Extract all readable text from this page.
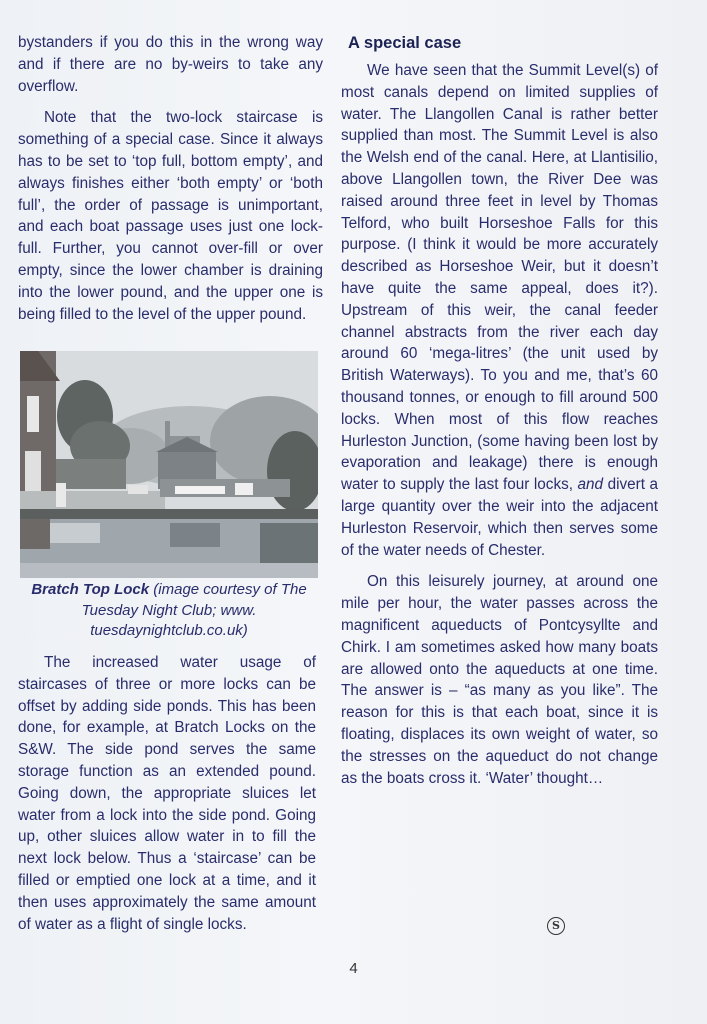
bystanders if you do this in the wrong way and if there are no by-weirs to take any overflow.

Note that the two-lock staircase is something of a special case. Since it always has to be set to ‘top full, bottom empty’, and always finishes either ‘both empty’ or ‘both full’, the order of passage is unimportant, and each boat passage uses just one lock-full. Further, you cannot over-fill or over empty, since the lower chamber is draining into the lower pound, and the upper one is being filled to the level of the upper pound.

Bratch Top Lock (image courtesy of The Tuesday Night Club; www. tuesdaynightclub.co.uk)

The increased water usage of staircases of three or more locks can be offset by adding side ponds. This has been done, for example, at Bratch Locks on the S&W. The side pond serves the same storage function as an extended pound. Going down, the appropriate sluices let water from a lock into the side pond. Going up, other sluices allow water in to fill the next lock below. Thus a ‘staircase’ can be filled or emptied one lock at a time, and it then uses approximately the same amount of water as a flight of single locks.

A special case

We have seen that the Summit Level(s) of most canals depend on limited supplies of water. The Llangollen Canal is rather better supplied than most. The Summit Level is also the Welsh end of the canal. Here, at Llantisilio, above Llangollen town, the River Dee was raised around three feet in level by Thomas Telford, who built Horseshoe Falls for this purpose. (I think it would be more accurately described as Horseshoe Weir, but it doesn’t have quite the same appeal, does it?). Upstream of this weir, the canal feeder channel abstracts from the river each day around 60 ‘mega-litres’ (the unit used by British Waterways). To you and me, that’s 60 thousand tonnes, or enough to fill around 500 locks. When most of this flow reaches Hurleston Junction, (some having been lost by evaporation and leakage) there is enough water to supply the last four locks, and divert a large quantity over the weir into the adjacent Hurleston Reservoir, which then serves some of the water needs of Chester.

On this leisurely journey, at around one mile per hour, the water passes across the magnificent aqueducts of Pontcysyllte and Chirk. I am sometimes asked how many boats are allowed onto the aqueducts at one time. The answer is – “as many as you like”. The reason for this is that each boat, since it is floating, displaces its own weight of water, so the stresses on the aqueduct do not change as the boats cross it. ‘Water’ thought…

S
4
